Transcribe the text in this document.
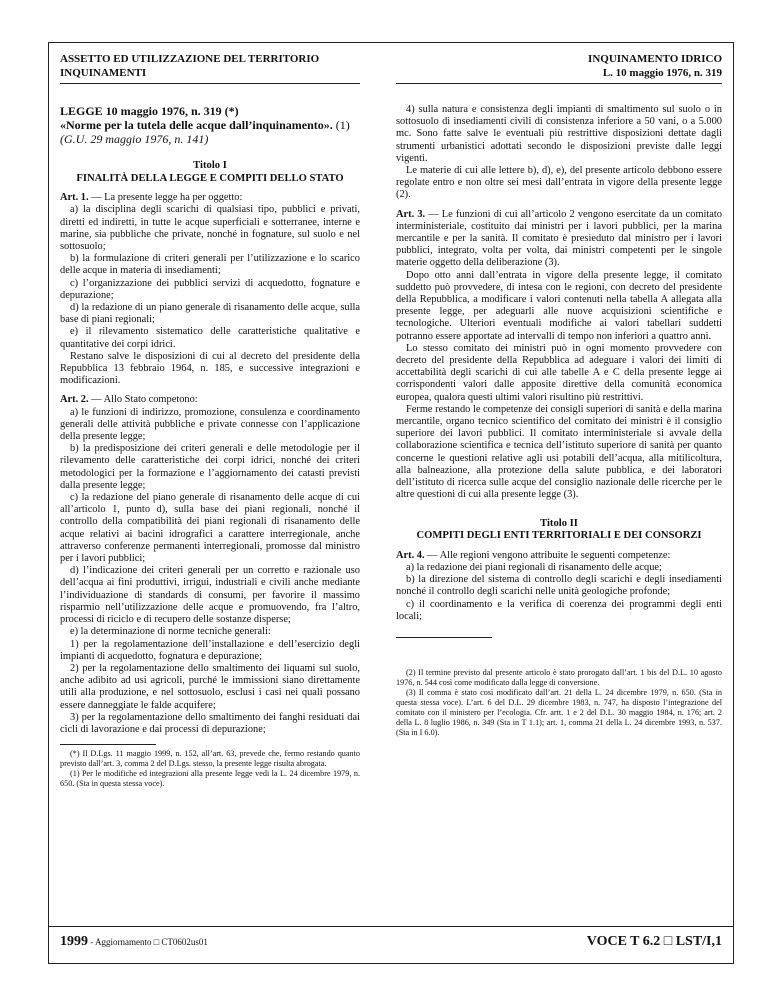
ASSETTO ED UTILIZZAZIONE DEL TERRITORIO
INQUINAMENTI
INQUINAMENTO IDRICO
L. 10 maggio 1976, n. 319
LEGGE 10 maggio 1976, n. 319 (*)
«Norme per la tutela delle acque dall’inquinamento». (1)
(G.U. 29 maggio 1976, n. 141)
Titolo I
FINALITÀ DELLA LEGGE E COMPITI DELLO STATO

Art. 1. — La presente legge ha per oggetto:

a) la disciplina degli scarichi di qualsiasi tipo, pubblici e privati, diretti ed indiretti, in tutte le acque superficiali e sotterranee, interne e marine, sia pubbliche che private, nonché in fognature, sul suolo e nel sottosuolo;

b) la formulazione di criteri generali per l’utilizzazione e lo scarico delle acque in materia di insediamenti;

c) l’organizzazione dei pubblici servizi di acquedotto, fognature e depurazione;

d) la redazione di un piano generale di risanamento delle acque, sulla base di piani regionali;

e) il rilevamento sistematico delle caratteristiche qualitative e quantitative dei corpi idrici.

Restano salve le disposizioni di cui al decreto del presidente della Repubblica 13 febbraio 1964, n. 185, e successive integrazioni e modificazioni.

Art. 2. — Allo Stato competono:

a) le funzioni di indirizzo, promozione, consulenza e coordinamento generali delle attività pubbliche e private connesse con l’applicazione della presente legge;

b) la predisposizione dei criteri generali e delle metodologie per il rilevamento delle caratteristiche dei corpi idrici, nonché dei criteri metodologici per la formazione e l’aggiornamento dei catasti previsti dalla presente legge;

c) la redazione del piano generale di risanamento delle acque di cui all’articolo 1, punto d), sulla base dei piani regionali, nonché il controllo della compatibilità dei piani regionali di risanamento delle acque relativi ai bacini idrografici a carattere interregionale, anche attraverso conferenze permanenti interregionali, promosse dal ministro per i lavori pubblici;

d) l’indicazione dei criteri generali per un corretto e razionale uso dell’acqua ai fini produttivi, irrigui, industriali e civili anche mediante l’individuazione di standards di consumi, per favorire il massimo risparmio nell’utilizzazione delle acque e promuovendo, fra l’altro, processi di riciclo e di recupero delle sostanze disperse;

e) la determinazione di norme tecniche generali:

1) per la regolamentazione dell’installazione e dell’esercizio degli impianti di acquedotto, fognatura e depurazione;

2) per la regolamentazione dello smaltimento dei liquami sul suolo, anche adibito ad usi agricoli, purché le immissioni siano direttamente utili alla produzione, e nel sottosuolo, esclusi i casi nei quali possano essere danneggiate le falde acquifere;

3) per la regolamentazione dello smaltimento dei fanghi residuati dai cicli di lavorazione e dai processi di depurazione;

(*) Il D.Lgs. 11 maggio 1999, n. 152, all’art. 63, prevede che, fermo restando quanto previsto dall’art. 3, comma 2 del D.Lgs. stesso, la presente legge risulta abrogata.

(1) Per le modifiche ed integrazioni alla presente legge vedi la L. 24 dicembre 1979, n. 650. (Sta in questa stessa voce).

4) sulla natura e consistenza degli impianti di smaltimento sul suolo o in sottosuolo di insediamenti civili di consistenza inferiore a 50 vani, o a 5.000 mc. Sono fatte salve le eventuali più restrittive disposizioni dettate dagli strumenti urbanistici adottati secondo le disposizioni previste dalle leggi vigenti.

Le materie di cui alle lettere b), d), e), del presente articolo debbono essere regolate entro e non oltre sei mesi dall’entrata in vigore della presente legge (2).

Art. 3. — Le funzioni di cui all’articolo 2 vengono esercitate da un comitato interministeriale, costituito dai ministri per i lavori pubblici, per la marina mercantile e per la sanità. Il comitato è presieduto dal ministro per i lavori pubblici, integrato, volta per volta, dai ministri competenti per le singole materie oggetto della deliberazione (3).

Dopo otto anni dall’entrata in vigore della presente legge, il comitato suddetto può provvedere, di intesa con le regioni, con decreto del presidente della Repubblica, a modificare i valori contenuti nella tabella A allegata alla presente legge, per adeguarli alle nuove acquisizioni scientifiche e tecnologiche. Ulteriori eventuali modifiche ai valori tabellari suddetti potranno essere apportate ad intervalli di tempo non inferiori a quattro anni.

Lo stesso comitato dei ministri può in ogni momento provvedere con decreto del presidente della Repubblica ad adeguare i valori dei limiti di accettabilità degli scarichi di cui alle tabelle A e C della presente legge ai corrispondenti valori dalle apposite direttive della comunità economica europea, qualora questi ultimi valori risultino più restrittivi.

Ferme restando le competenze dei consigli superiori di sanità e della marina mercantile, organo tecnico scientifico del comitato dei ministri è il consiglio superiore dei lavori pubblici. Il comitato interministeriale si avvale della collaborazione scientifica e tecnica dell’istituto superiore di sanità per quanto concerne le questioni relative agli usi potabili dell’acqua, alla mitilicoltura, alla balneazione, alla protezione della salute pubblica, e dei laboratori dell’istituto di ricerca sulle acque del consiglio nazionale delle ricerche per le altre questioni di cui alla presente legge (3).

Titolo II
COMPITI DEGLI ENTI TERRITORIALI E DEI CONSORZI

Art. 4. — Alle regioni vengono attribuite le seguenti competenze:

a) la redazione dei piani regionali di risanamento delle acque;

b) la direzione del sistema di controllo degli scarichi e degli insediamenti nonché il controllo degli scarichi nelle unità geologiche profonde;

c) il coordinamento e la verifica di coerenza dei programmi degli enti locali;

(2) Il termine previsto dal presente articolo è stato prorogato dall’art. 1 bis del D.L. 10 agosto 1976, n. 544 così come modificato dalla legge di conversione.

(3) Il comma è stato così modificato dall’art. 21 della L. 24 dicembre 1979, n. 650. (Sta in questa stessa voce). L’art. 6 del D.L. 29 dicembre 1983, n. 747, ha disposto l’integrazione del comitato con il ministero per l’ecologia. Cfr. artt. 1 e 2 del D.L. 30 maggio 1984, n. 176; art. 2 della L. 8 luglio 1986, n. 349 (Sta in T 1.1); art. 1, comma 21 della L. 24 dicembre 1993, n. 537. (Sta in I 6.0).

1999 - Aggiornamento □ CT0602us01	VOCE T 6.2 □ LST/I,1
